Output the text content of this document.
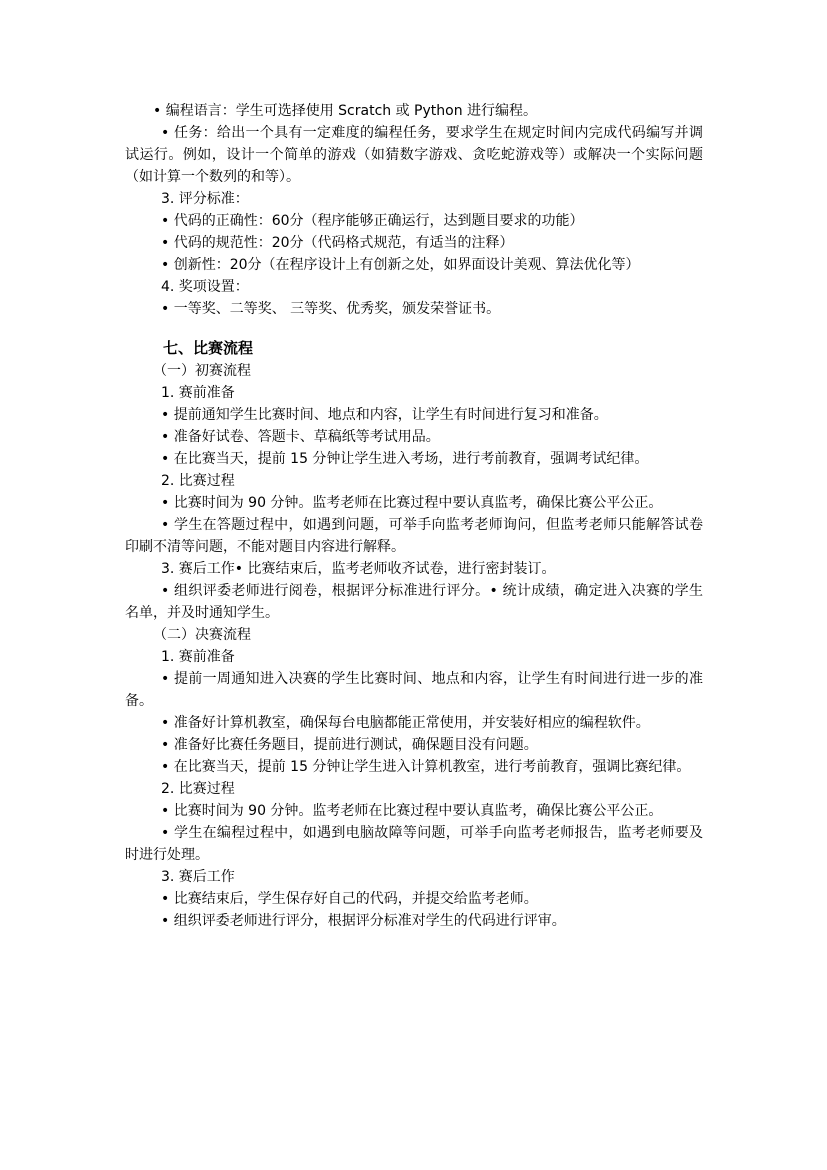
• 编程语言：学生可选择使用 Scratch 或 Python 进行编程。
• 任务：给出一个具有一定难度的编程任务，要求学生在规定时间内完成代码编写并调试运行。例如，设计一个简单的游戏（如猜数字游戏、贪吃蛇游戏等）或解决一个实际问题（如计算一个数列的和等）。
3. 评分标准：
• 代码的正确性：60分（程序能够正确运行，达到题目要求的功能）
• 代码的规范性：20分（代码格式规范，有适当的注释）
• 创新性：20分（在程序设计上有创新之处，如界面设计美观、算法优化等）
4. 奖项设置：
• 一等奖、二等奖、 三等奖、优秀奖，颁发荣誉证书。
七、比赛流程
（一）初赛流程
1. 赛前准备
• 提前通知学生比赛时间、地点和内容，让学生有时间进行复习和准备。
• 准备好试卷、答题卡、草稿纸等考试用品。
• 在比赛当天，提前 15 分钟让学生进入考场，进行考前教育，强调考试纪律。
2. 比赛过程
• 比赛时间为 90 分钟。监考老师在比赛过程中要认真监考，确保比赛公平公正。
• 学生在答题过程中，如遇到问题，可举手向监考老师询问，但监考老师只能解答试卷印刷不清等问题，不能对题目内容进行解释。
3. 赛后工作• 比赛结束后，监考老师收齐试卷，进行密封装订。
• 组织评委老师进行阅卷，根据评分标准进行评分。• 统计成绩，确定进入决赛的学生名单，并及时通知学生。
（二）决赛流程
1. 赛前准备
• 提前一周通知进入决赛的学生比赛时间、地点和内容，让学生有时间进行进一步的准备。
• 准备好计算机教室，确保每台电脑都能正常使用，并安装好相应的编程软件。
• 准备好比赛任务题目，提前进行测试，确保题目没有问题。
• 在比赛当天，提前 15 分钟让学生进入计算机教室，进行考前教育，强调比赛纪律。
2. 比赛过程
• 比赛时间为 90 分钟。监考老师在比赛过程中要认真监考，确保比赛公平公正。
• 学生在编程过程中，如遇到电脑故障等问题，可举手向监考老师报告，监考老师要及时进行处理。
3. 赛后工作
• 比赛结束后，学生保存好自己的代码，并提交给监考老师。
• 组织评委老师进行评分，根据评分标准对学生的代码进行评审。
